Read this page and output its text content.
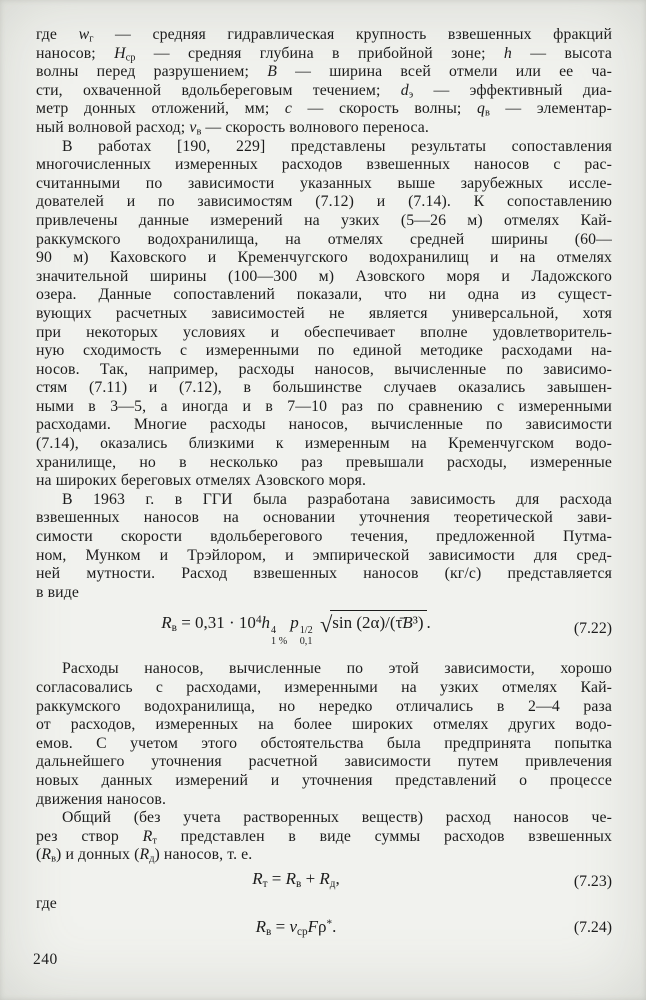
где $w_г$ — средняя гидравлическая крупность взвешенных фракций
наносов; $H_{ср}$ — средняя глубина в прибойной зоне; h — высота
волны перед разрушением; B — ширина всей отмели или ее ча-
сти, охваченной вдольбереговым течением; $d_э$ — эффективный диа-
метр донных отложений, мм; c — скорость волны; $q_в$ — элементар-
ный волновой расход; $v_в$ — скорость волнового переноса.
В работах [190, 229] представлены результаты сопоставления
многочисленных измеренных расходов взвешенных наносов с рас-
считанными по зависимости указанных выше зарубежных иссле-
дователей и по зависимостям (7.12) и (7.14). К сопоставлению
привлечены данные измерений на узких (5—26 м) отмелях Кай-
раккумского водохранилища, на отмелях средней ширины (60—
90 м) Каховского и Кременчугского водохранилищ и на отмелях
значительной ширины (100—300 м) Азовского моря и Ладожского
озера. Данные сопоставлений показали, что ни одна из сущест-
вующих расчетных зависимостей не является универсальной, хотя
при некоторых условиях и обеспечивает вполне удовлетворитель-
ную сходимость с измеренными по единой методике расходами на-
носов. Так, например, расходы наносов, вычисленные по зависимо-
стям (7.11) и (7.12), в большинстве случаев оказались завышен-
ными в 3—5, а иногда и в 7—10 раз по сравнению с измеренными
расходами. Многие расходы наносов, вычисленные по зависимости
(7.14), оказались близкими к измеренным на Кременчугском водо-
хранилище, но в несколько раз превышали расходы, измеренные
на широких береговых отмелях Азовского моря.
В 1963 г. в ГГИ была разработана зависимость для расхода
взвешенных наносов на основании уточнения теоретической зави-
симости скорости вдольберегового течения, предложенной Путма-
ном, Мунком и Трэйлором, и эмпирической зависимости для сред-
ней мутности. Расход взвешенных наносов (кг/с) представляется
в виде
$R_в = 0,31 \cdot 10^4h$ 4
1 %
p 1/2
0,1
√sin (2α)/(τ̄B³) .	(7.22)
Расходы наносов, вычисленные по этой зависимости, хорошо
согласовались с расходами, измеренными на узких отмелях Кай-
раккумского водохранилища, но нередко отличались в 2—4 раза
от расходов, измеренных на более широких отмелях других водо-
емов. С учетом этого обстоятельства была предпринята попытка
дальнейшего уточнения расчетной зависимости путем привлечения
новых данных измерений и уточнения представлений о процессе
движения наносов.
Общий (без учета растворенных веществ) расход наносов че-
рез створ $R_т$ представлен в виде суммы расходов взвешенных
$(R_в)$ и донных $(R_д)$ наносов, т. е.
$R_т = R_в + R_д$,	(7.23)
где
$R_в = v_{ср}F\rho^*$.	(7.24)
240
